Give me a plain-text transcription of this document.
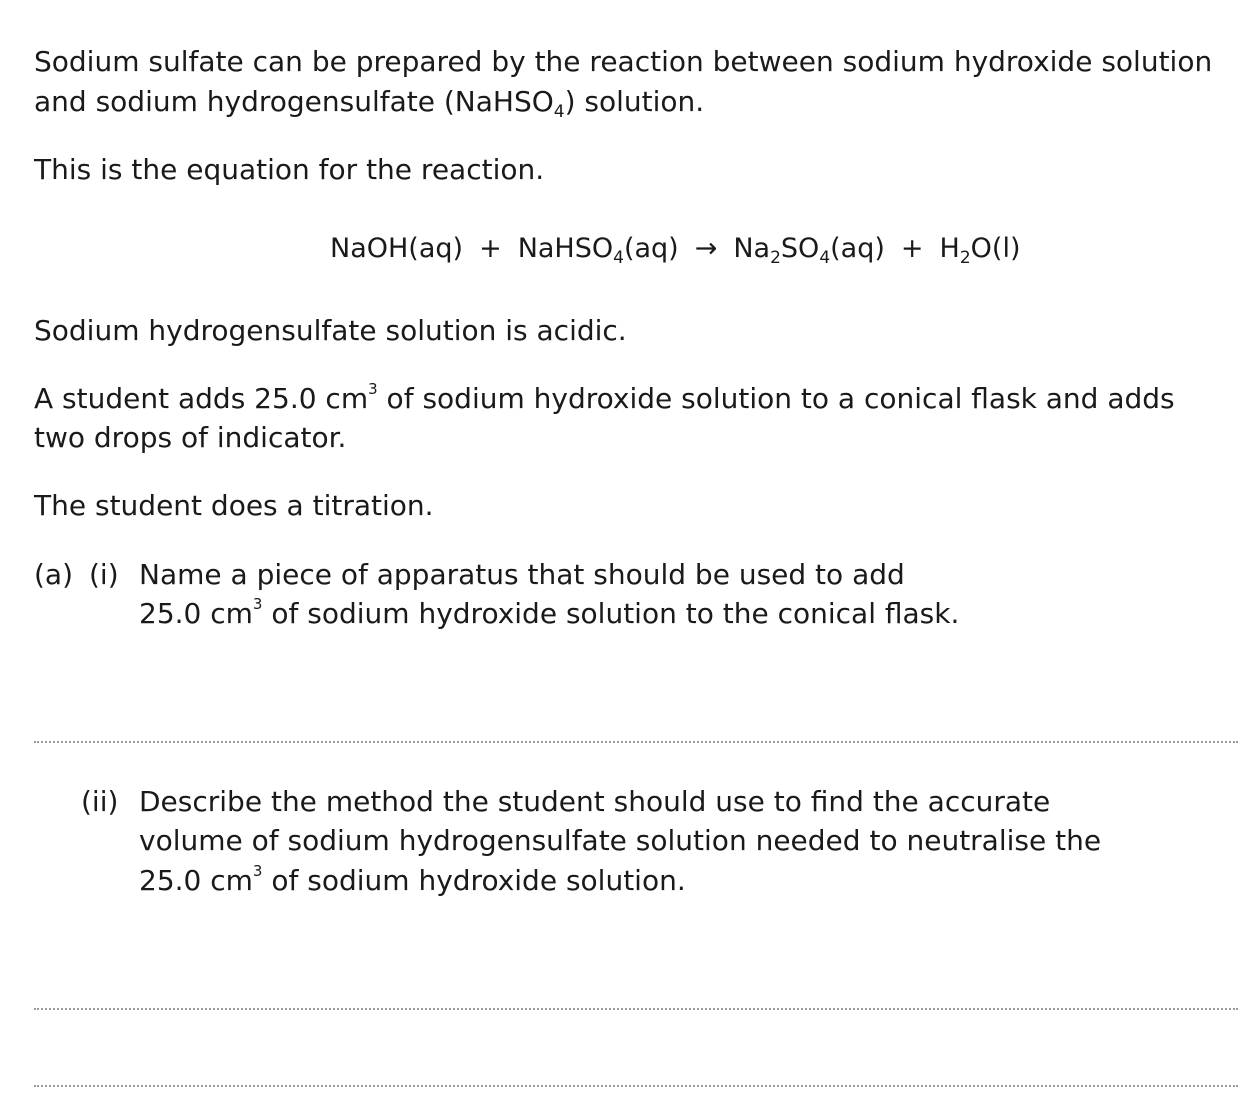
Sodium sulfate can be prepared by the reaction between sodium hydroxide solution

and sodium hydrogensulfate (NaHSO$_4$) solution.

This is the equation for the reaction.

NaOH(aq) + NaHSO$_4$(aq) → $Na_2SO_4(aq) + H_2O(l)$

Sodium hydrogensulfate solution is acidic.

A student adds 25.0 $cm^3$ of sodium hydroxide solution to a conical flask and adds

two drops of indicator.

The student does a titration.

(a) (i) Name a piece of apparatus that should be used to add
25.0 $cm^3$ of sodium hydroxide solution to the conical flask.
(ii) Describe the method the student should use to find the accurate
volume of sodium hydrogensulfate solution needed to neutralise the
25.0 $cm^3$ of sodium hydroxide solution.
